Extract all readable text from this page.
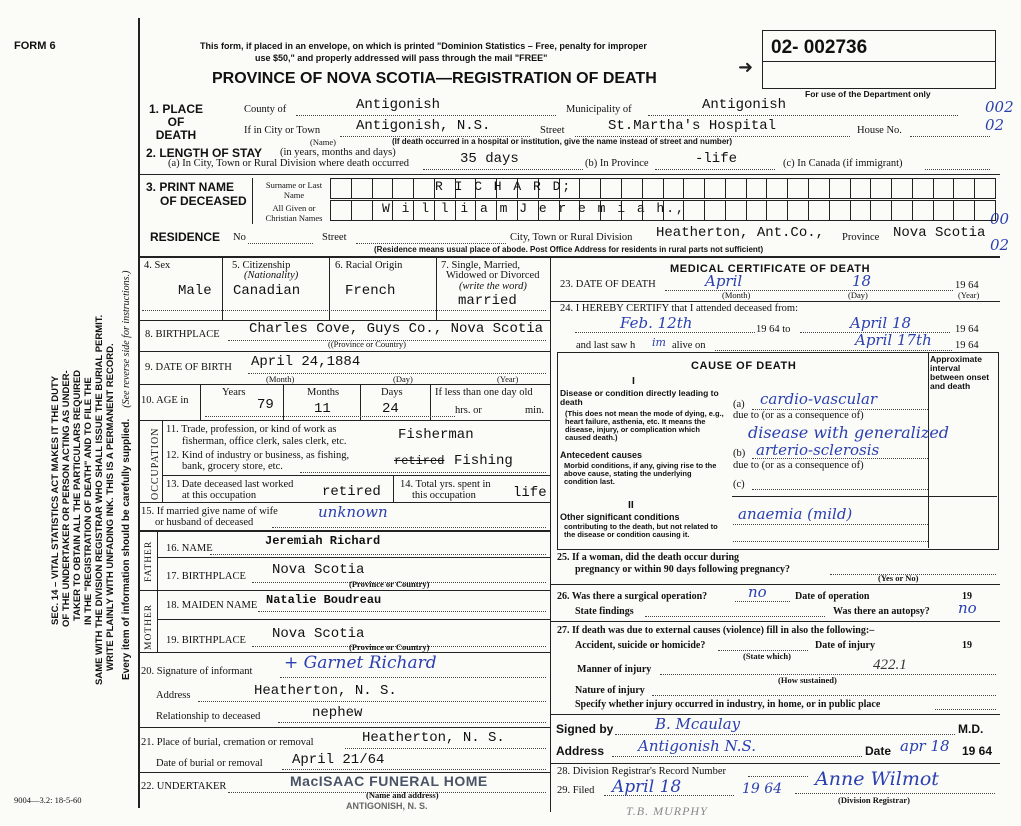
FORM 6	This form, if placed in an envelope, on which is printed "Dominion Statistics – Free, penalty for improper
use $50," and properly addressed will pass through the mail "FREE"
PROVINCE OF NOVA SCOTIA—REGISTRATION OF DEATH
➜
02- 002736
For use of the Department only
002
02
00
02
SEC. 14 – VITAL STATISTICS ACT MAKES IT THE DUTY OF THE UNDERTAKER OR PERSON ACTING AS UNDER- TAKER TO OBTAIN ALL THE PARTICULARS REQUIRED IN THE "REGISTRATION OF DEATH" AND TO FILE THE SAME WITH THE DIVISION REGISTRAR WHO SHALL ISSUE THE BURIAL PERMIT. WRITE PLAINLY WITH UNFADING INK. THIS IS A PERMANENT RECORD. Every item of information should be carefully supplied.    (See reverse side for instructions.)
9004—3.2: 18-5-60
1. PLACE OF DEATH
County of	Antigonish	Municipality of	Antigonish
If in City or Town	Antigonish, N.S.
(Name)
Street	St.Martha's Hospital	House No.
(If death occurred in a hospital or institution, give the name instead of street and number)
2. LENGTH OF STAY (in years, months and days)
(a) In City, Town or Rural Division where death occurred	35 days	(b) In Province	-life	(c) In Canada (if immigrant)
3. PRINT NAME
OF DECEASED
Surname or Last Name
All Given or Christian Names
R I C H A R D;
W i l l i a m J e r e m i a h.,
RESIDENCE No	Street	City, Town or Rural Division Heatherton, Ant.Co., Province Nova Scotia
(Residence means usual place of abode. Post Office Address for residents in rural parts not sufficient)
4. Sex
Male
5. Citizenship
(Nationality)
Canadian
6. Racial Origin
French
7. Single, Married,
Widowed or Divorced
(write the word)
married
8. BIRTHPLACE Charles Cove, Guys Co., Nova Scotia
((Province or Country)
9. DATE OF BIRTH April 24,1884
(Month)	(Day)	(Year)
10. AGE in
Years
79
Months
11
Days
24
If less than one day old
hrs. or	min.
OCCUPATION 11. Trade, profession, or kind of work as
fisherman, office clerk, sales clerk, etc.	Fisherman
12. Kind of industry or business, as fishing,
bank, grocery store, etc.	retired Fishing
13. Date deceased last worked
at this occupation	retired 14. Total yrs. spent in
this occupation	life
15. If married give name of wife
or husband of deceased
unknown
FATHER
MOTHER
16. NAME
Jeremiah Richard
17. BIRTHPLACE Nova Scotia
(Province or Country)
18. MAIDEN NAME Natalie Boudreau
19. BIRTHPLACE Nova Scotia
(Province or Country)
20. Signature of informant + Garnet Richard
Address	Heatherton, N. S.
Relationship to deceased	nephew
21. Place of burial, cremation or removal	Heatherton, N. S.
Date of burial or removal April 21/64
22. UNDERTAKER	MacISAAC FUNERAL HOME
(Name and address)
ANTIGONISH, N. S.
MEDICAL CERTIFICATE OF DEATH
23. DATE OF DEATH	April	18	19 64
(Month)	(Day)	(Year)
24. I HEREBY CERTIFY that I attended deceased from:
Feb. 12th	19 64 to	April 18	19 64
and last saw h im alive on	April 17th 19 64
Approximate interval between onset and death
CAUSE OF DEATH
I
Disease or condition directly leading to death
(This does not mean the mode of dying, e.g., heart failure, asthenia, etc. It means the disease, injury, or complication which caused death.)
(a) cardio-vascular
due to (or as a consequence of)
disease with generalized
Antecedent causes
Morbid conditions, if any, giving rise to the above cause, stating the underlying condition last.
(b) arterio-sclerosis
due to (or as a consequence of)
(c)
II
Other significant conditions
contributing to the death, but not related to the disease or condition causing it.
anaemia (mild)
25. If a woman, did the death occur during
pregnancy or within 90 days following pregnancy?
(Yes or No)
26. Was there a surgical operation?	no	Date of operation	19
State findings	Was there an autopsy? no
27. If death was due to external causes (violence) fill in also the following:–
Accident, suicide or homicide?	Date of injury	19
(State which)
Manner of injury	422.1
(How sustained)
Nature of injury
Specify whether injury occurred in industry, in home, or in public place
Signed by	B. Mcaulay	M.D.
Address Antigonish N.S.	Date apr 18 19 64
28. Division Registrar's Record Number
29. Filed April 18	19 64 Anne Wilmot
(Division Registrar)
T.B. MURPHY
